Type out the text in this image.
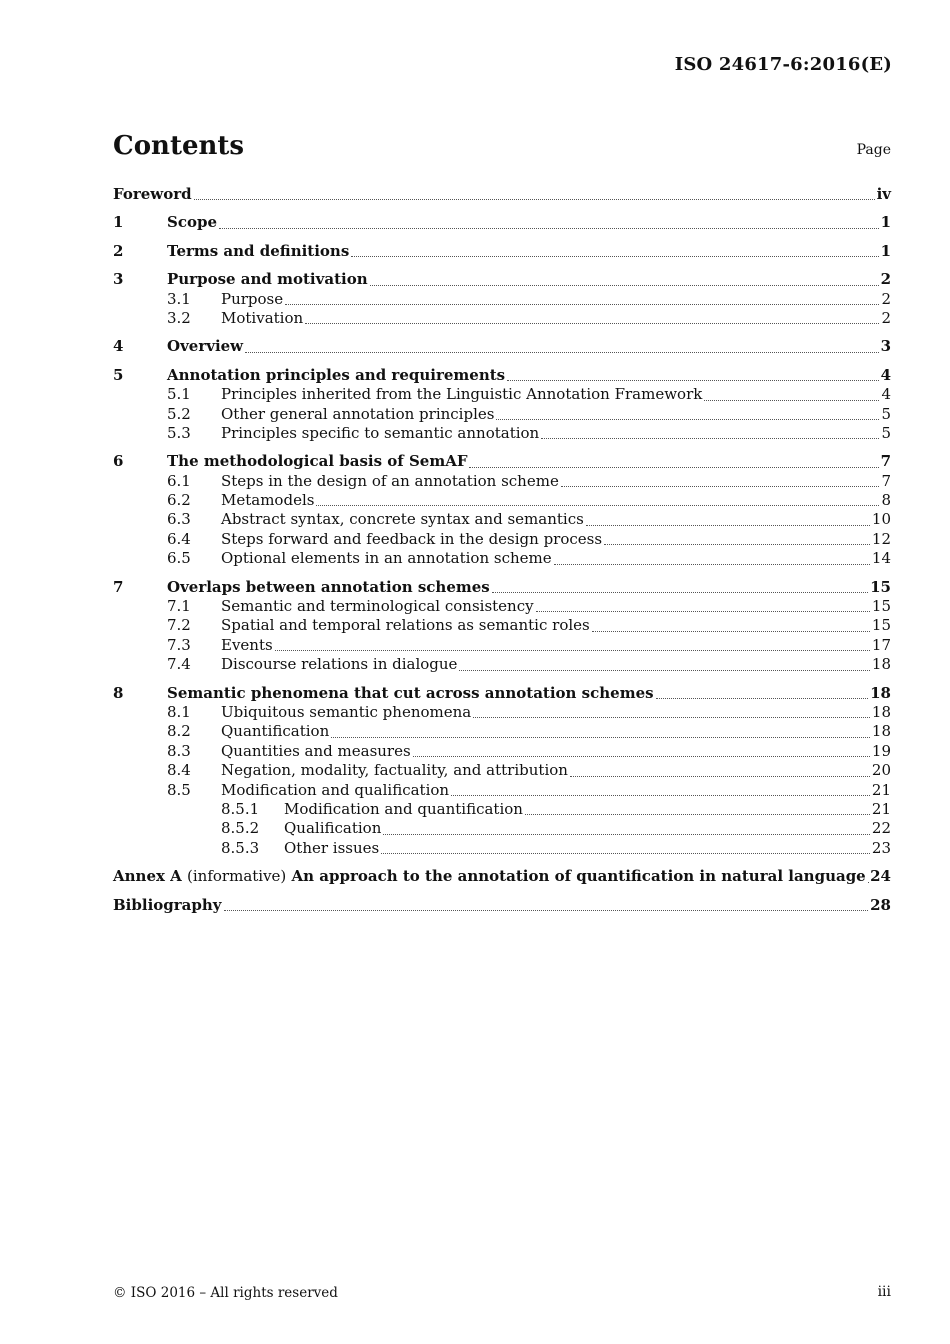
ISO 24617-6:2016(E)
Contents	Page
Foreword	iv
1	Scope	1
2	Terms and definitions	1
3	Purpose and motivation	2
3.1	Purpose	2
3.2	Motivation	2
4	Overview	3
5	Annotation principles and requirements	4
5.1	Principles inherited from the Linguistic Annotation Framework	4
5.2	Other general annotation principles	5
5.3	Principles specific to semantic annotation	5
6	The methodological basis of SemAF	7
6.1	Steps in the design of an annotation scheme	7
6.2	Metamodels	8
6.3	Abstract syntax, concrete syntax and semantics	10
6.4	Steps forward and feedback in the design process	12
6.5	Optional elements in an annotation scheme	14
7	Overlaps between annotation schemes	15
7.1	Semantic and terminological consistency	15
7.2	Spatial and temporal relations as semantic roles	15
7.3	Events	17
7.4	Discourse relations in dialogue	18
8	Semantic phenomena that cut across annotation schemes	18
8.1	Ubiquitous semantic phenomena	18
8.2	Quantification	18
8.3	Quantities and measures	19
8.4	Negation, modality, factuality, and attribution	20
8.5	Modification and qualification	21
8.5.1	Modification and quantification	21
8.5.2	Qualification	22
8.5.3	Other issues	23
Annex A (informative) An approach to the annotation of quantification in natural language 24
Bibliography	28
© ISO 2016 – All rights reserved	iii
